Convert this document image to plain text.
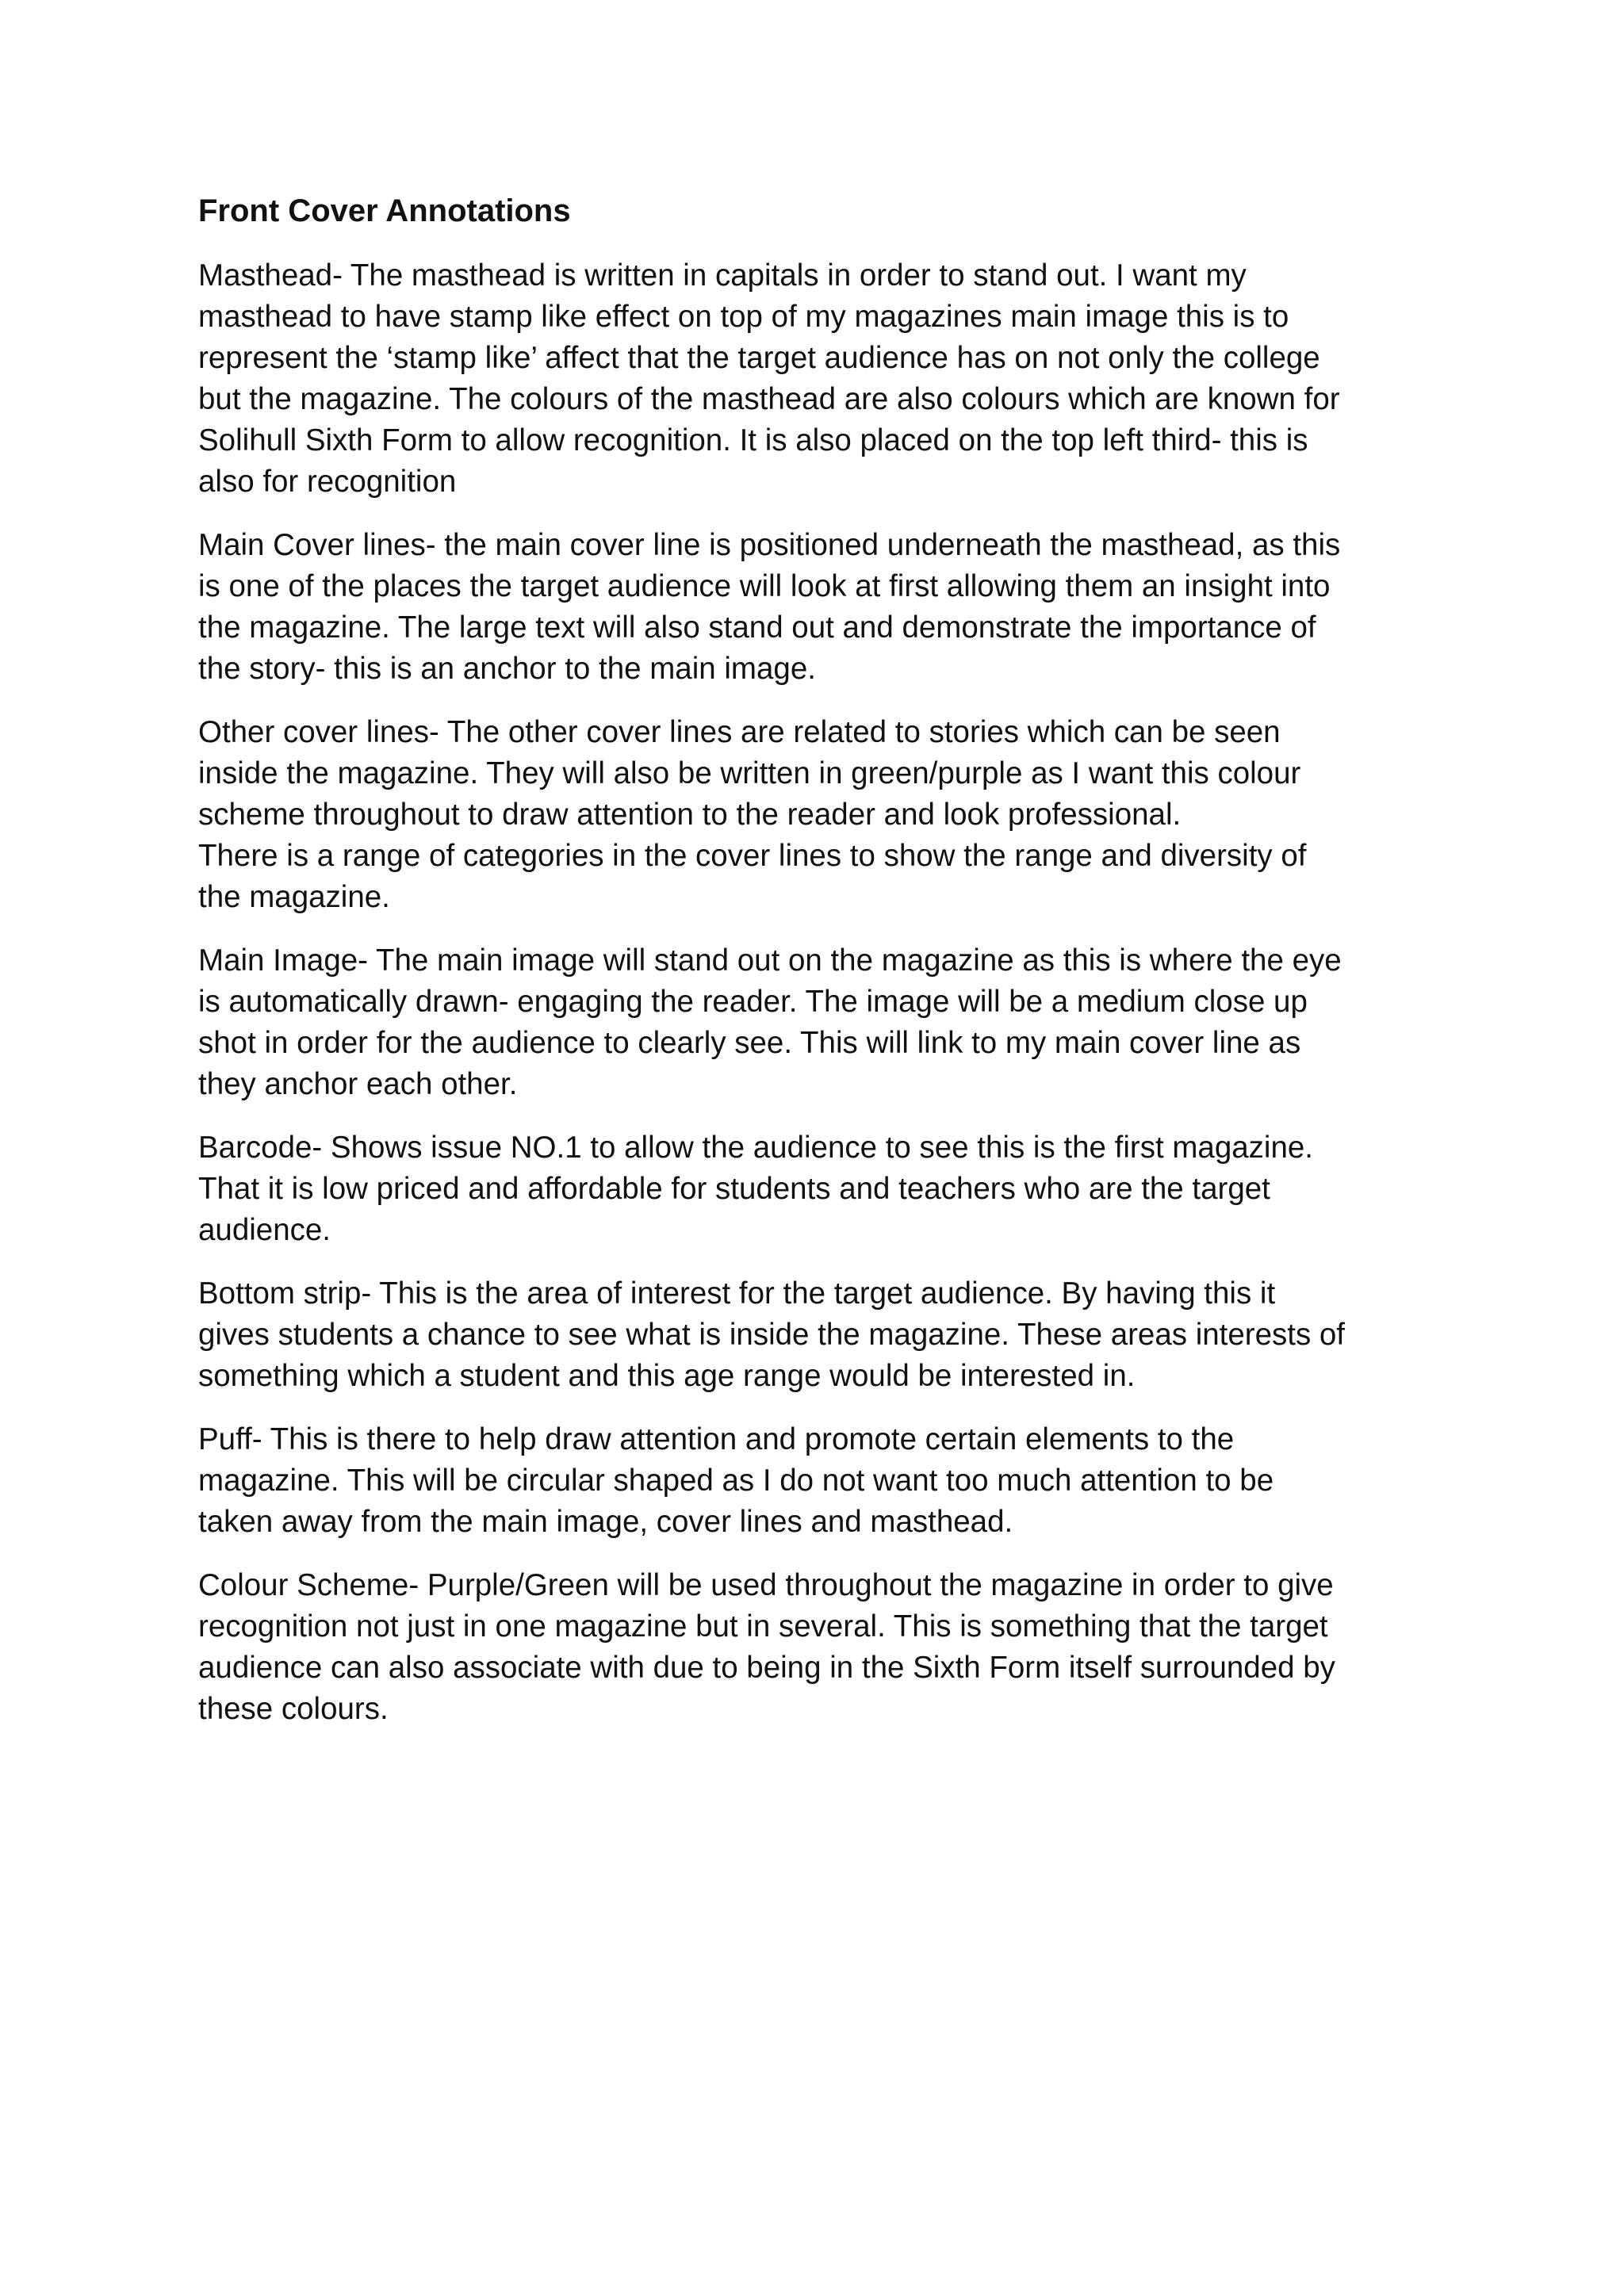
Front Cover Annotations
Masthead- The masthead is written in capitals in order to stand out. I want my
masthead to have stamp like effect on top of my magazines main image this is to
represent the ‘stamp like’ affect that the target audience has on not only the college
but the magazine. The colours of the masthead are also colours which are known for
Solihull Sixth Form to allow recognition. It is also placed on the top left third- this is
also for recognition
Main Cover lines- the main cover line is positioned underneath the masthead, as this
is one of the places the target audience will look at first allowing them an insight into
the magazine. The large text will also stand out and demonstrate the importance of
the story- this is an anchor to the main image.
Other cover lines- The other cover lines are related to stories which can be seen
inside the magazine. They will also be written in green/purple as I want this colour
scheme throughout to draw attention to the reader and look professional.
There is a range of categories in the cover lines to show the range and diversity of
the magazine.
Main Image- The main image will stand out on the magazine as this is where the eye
is automatically drawn- engaging the reader. The image will be a medium close up
shot in order for the audience to clearly see. This will link to my main cover line as
they anchor each other.
Barcode- Shows issue NO.1 to allow the audience to see this is the first magazine.
That it is low priced and affordable for students and teachers who are the target
audience.
Bottom strip- This is the area of interest for the target audience. By having this it
gives students a chance to see what is inside the magazine. These areas interests of
something which a student and this age range would be interested in.
Puff- This is there to help draw attention and promote certain elements to the
magazine. This will be circular shaped as I do not want too much attention to be
taken away from the main image, cover lines and masthead.
Colour Scheme- Purple/Green will be used throughout the magazine in order to give
recognition not just in one magazine but in several. This is something that the target
audience can also associate with due to being in the Sixth Form itself surrounded by
these colours.
